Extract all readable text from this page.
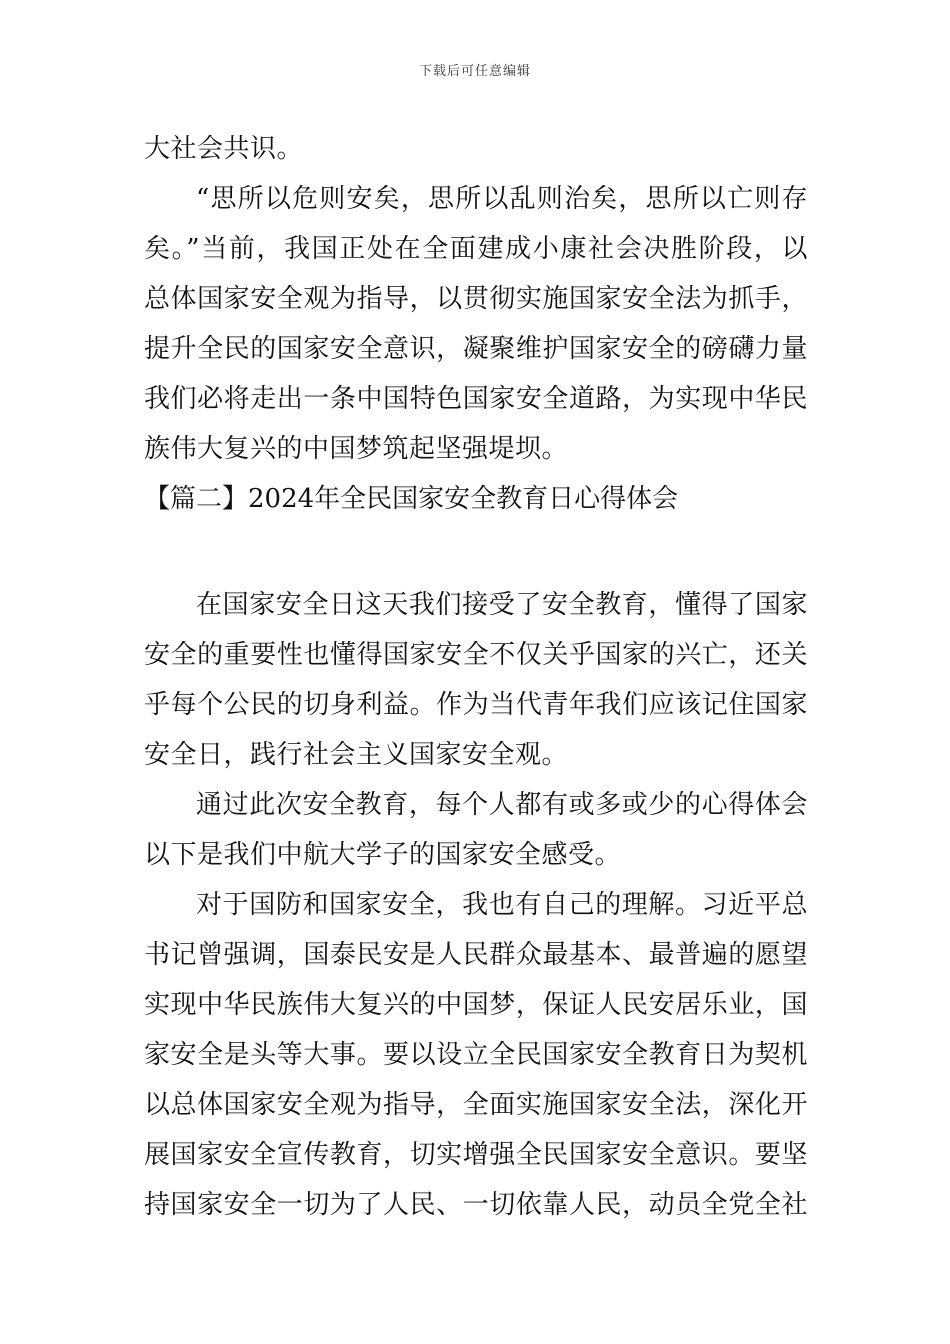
下载后可任意编辑
大社会共识。
“思所以危则安矣，思所以乱则治矣，思所以亡则存
矣。”当前，我国正处在全面建成小康社会决胜阶段，以
总体国家安全观为指导，以贯彻实施国家安全法为抓手，
提升全民的国家安全意识，凝聚维护国家安全的磅礴力量
我们必将走出一条中国特色国家安全道路，为实现中华民
族伟大复兴的中国梦筑起坚强堤坝。
【篇二】2024年全民国家安全教育日心得体会
在国家安全日这天我们接受了安全教育，懂得了国家
安全的重要性也懂得国家安全不仅关乎国家的兴亡，还关
乎每个公民的切身利益。作为当代青年我们应该记住国家
安全日，践行社会主义国家安全观。
通过此次安全教育，每个人都有或多或少的心得体会
以下是我们中航大学子的国家安全感受。
对于国防和国家安全，我也有自己的理解。习近平总
书记曾强调，国泰民安是人民群众最基本、最普遍的愿望
实现中华民族伟大复兴的中国梦，保证人民安居乐业，国
家安全是头等大事。要以设立全民国家安全教育日为契机
以总体国家安全观为指导，全面实施国家安全法，深化开
展国家安全宣传教育，切实增强全民国家安全意识。要坚
持国家安全一切为了人民、一切依靠人民，动员全党全社
